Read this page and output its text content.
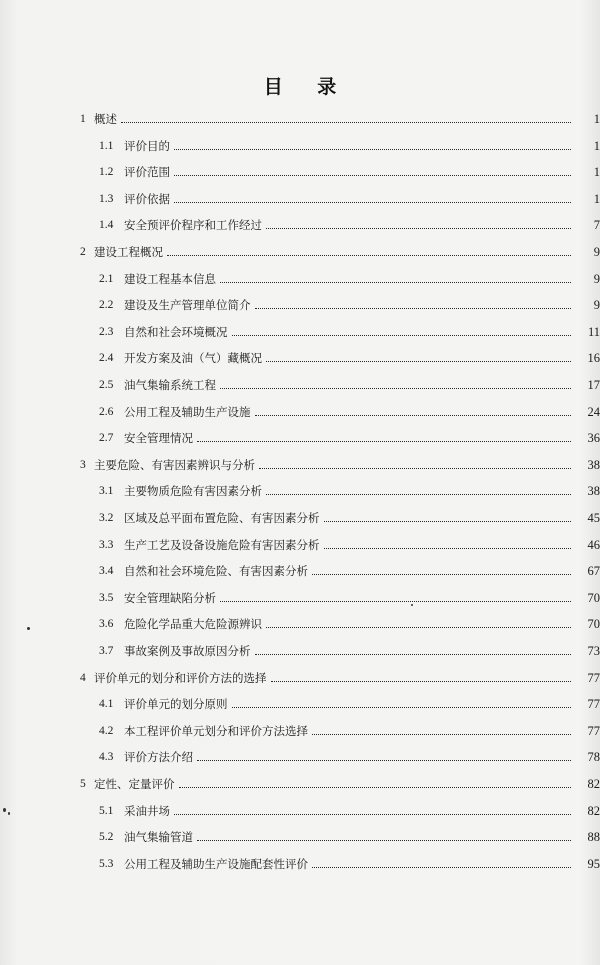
目 录
1 概述	1
1.1 评价目的	1
1.2 评价范围	1
1.3 评价依据	1
1.4 安全预评价程序和工作经过	7
2 建设工程概况	9
2.1 建设工程基本信息	9
2.2 建设及生产管理单位简介	9
2.3 自然和社会环境概况	11
2.4 开发方案及油（气）藏概况	16
2.5 油气集输系统工程	17
2.6 公用工程及辅助生产设施	24
2.7 安全管理情况	36
3 主要危险、有害因素辨识与分析	38
3.1 主要物质危险有害因素分析	38
3.2 区域及总平面布置危险、有害因素分析	45
3.3 生产工艺及设备设施危险有害因素分析	46
3.4 自然和社会环境危险、有害因素分析	67
3.5 安全管理缺陷分析	70
3.6 危险化学品重大危险源辨识	70
3.7 事故案例及事故原因分析	73
4 评价单元的划分和评价方法的选择	77
4.1 评价单元的划分原则	77
4.2 本工程评价单元划分和评价方法选择	77
4.3 评价方法介绍	78
5 定性、定量评价	82
5.1 采油井场	82
5.2 油气集输管道	88
5.3 公用工程及辅助生产设施配套性评价	95
